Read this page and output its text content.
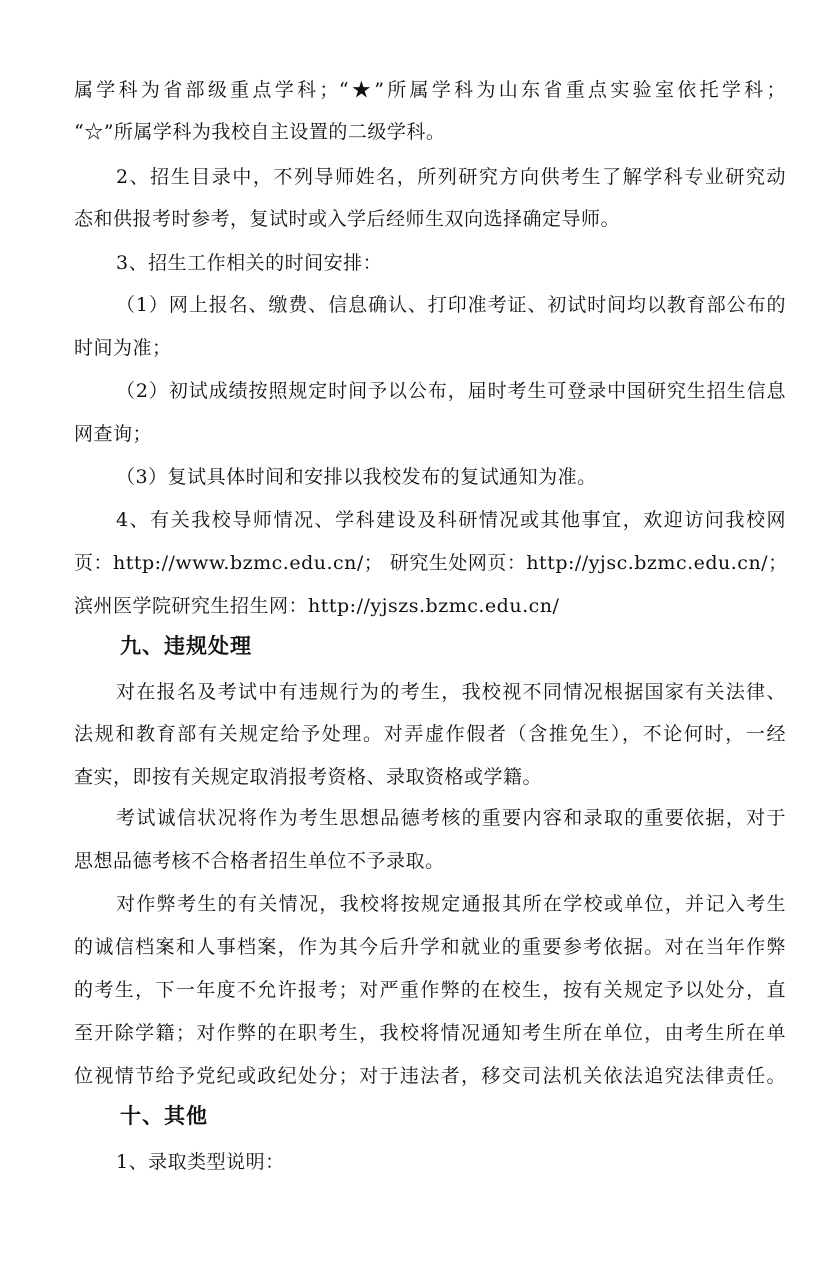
属学科为省部级重点学科；“★”所属学科为山东省重点实验室依托学科；
“☆”所属学科为我校自主设置的二级学科。
2、招生目录中，不列导师姓名，所列研究方向供考生了解学科专业研究动
态和供报考时参考，复试时或入学后经师生双向选择确定导师。
3、招生工作相关的时间安排：
（1）网上报名、缴费、信息确认、打印准考证、初试时间均以教育部公布的
时间为准；
（2）初试成绩按照规定时间予以公布，届时考生可登录中国研究生招生信息
网查询；
（3）复试具体时间和安排以我校发布的复试通知为准。
4、有关我校导师情况、学科建设及科研情况或其他事宜，欢迎访问我校网
页：http://www.bzmc.edu.cn/； 研究生处网页：http://yjsc.bzmc.edu.cn/；
滨州医学院研究生招生网：http://yjszs.bzmc.edu.cn/
九、违规处理
对在报名及考试中有违规行为的考生，我校视不同情况根据国家有关法律、
法规和教育部有关规定给予处理。对弄虚作假者（含推免生），不论何时，一经
查实，即按有关规定取消报考资格、录取资格或学籍。
考试诚信状况将作为考生思想品德考核的重要内容和录取的重要依据，对于
思想品德考核不合格者招生单位不予录取。
对作弊考生的有关情况，我校将按规定通报其所在学校或单位，并记入考生
的诚信档案和人事档案，作为其今后升学和就业的重要参考依据。对在当年作弊
的考生，下一年度不允许报考；对严重作弊的在校生，按有关规定予以处分，直
至开除学籍；对作弊的在职考生，我校将情况通知考生所在单位，由考生所在单
位视情节给予党纪或政纪处分；对于违法者，移交司法机关依法追究法律责任。
十、其他
1、录取类型说明：
